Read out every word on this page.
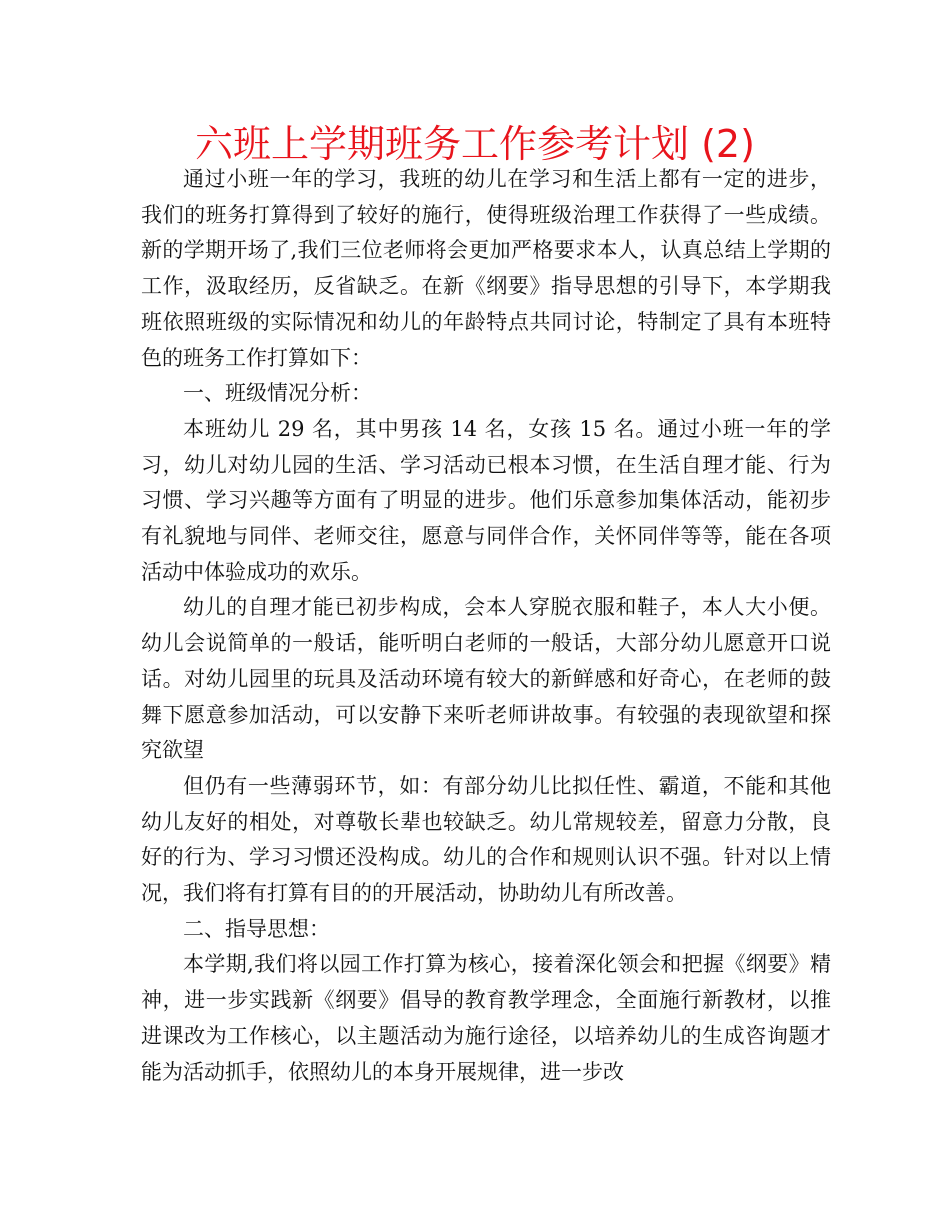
六班上学期班务工作参考计划 (2)

通过小班一年的学习，我班的幼儿在学习和生活上都有一定的进步，我们的班务打算得到了较好的施行，使得班级治理工作获得了一些成绩。新的学期开场了,我们三位老师将会更加严格要求本人，认真总结上学期的工作，汲取经历，反省缺乏。在新《纲要》指导思想的引导下，本学期我班依照班级的实际情况和幼儿的年龄特点共同讨论，特制定了具有本班特色的班务工作打算如下：

一、班级情况分析：

本班幼儿 29 名，其中男孩 14 名，女孩 15 名。通过小班一年的学习，幼儿对幼儿园的生活、学习活动已根本习惯，在生活自理才能、行为习惯、学习兴趣等方面有了明显的进步。他们乐意参加集体活动，能初步有礼貌地与同伴、老师交往，愿意与同伴合作，关怀同伴等等，能在各项活动中体验成功的欢乐。

幼儿的自理才能已初步构成，会本人穿脱衣服和鞋子，本人大小便。幼儿会说简单的一般话，能听明白老师的一般话，大部分幼儿愿意开口说话。对幼儿园里的玩具及活动环境有较大的新鲜感和好奇心，在老师的鼓舞下愿意参加活动，可以安静下来听老师讲故事。有较强的表现欲望和探究欲望

但仍有一些薄弱环节，如：有部分幼儿比拟任性、霸道，不能和其他幼儿友好的相处，对尊敬长辈也较缺乏。幼儿常规较差，留意力分散，良好的行为、学习习惯还没构成。幼儿的合作和规则认识不强。针对以上情况，我们将有打算有目的的开展活动，协助幼儿有所改善。

二、指导思想：

本学期,我们将以园工作打算为核心，接着深化领会和把握《纲要》精神，进一步实践新《纲要》倡导的教育教学理念，全面施行新教材，以推进课改为工作核心，以主题活动为施行途径，以培养幼儿的生成咨询题才能为活动抓手，依照幼儿的本身开展规律，进一步改
